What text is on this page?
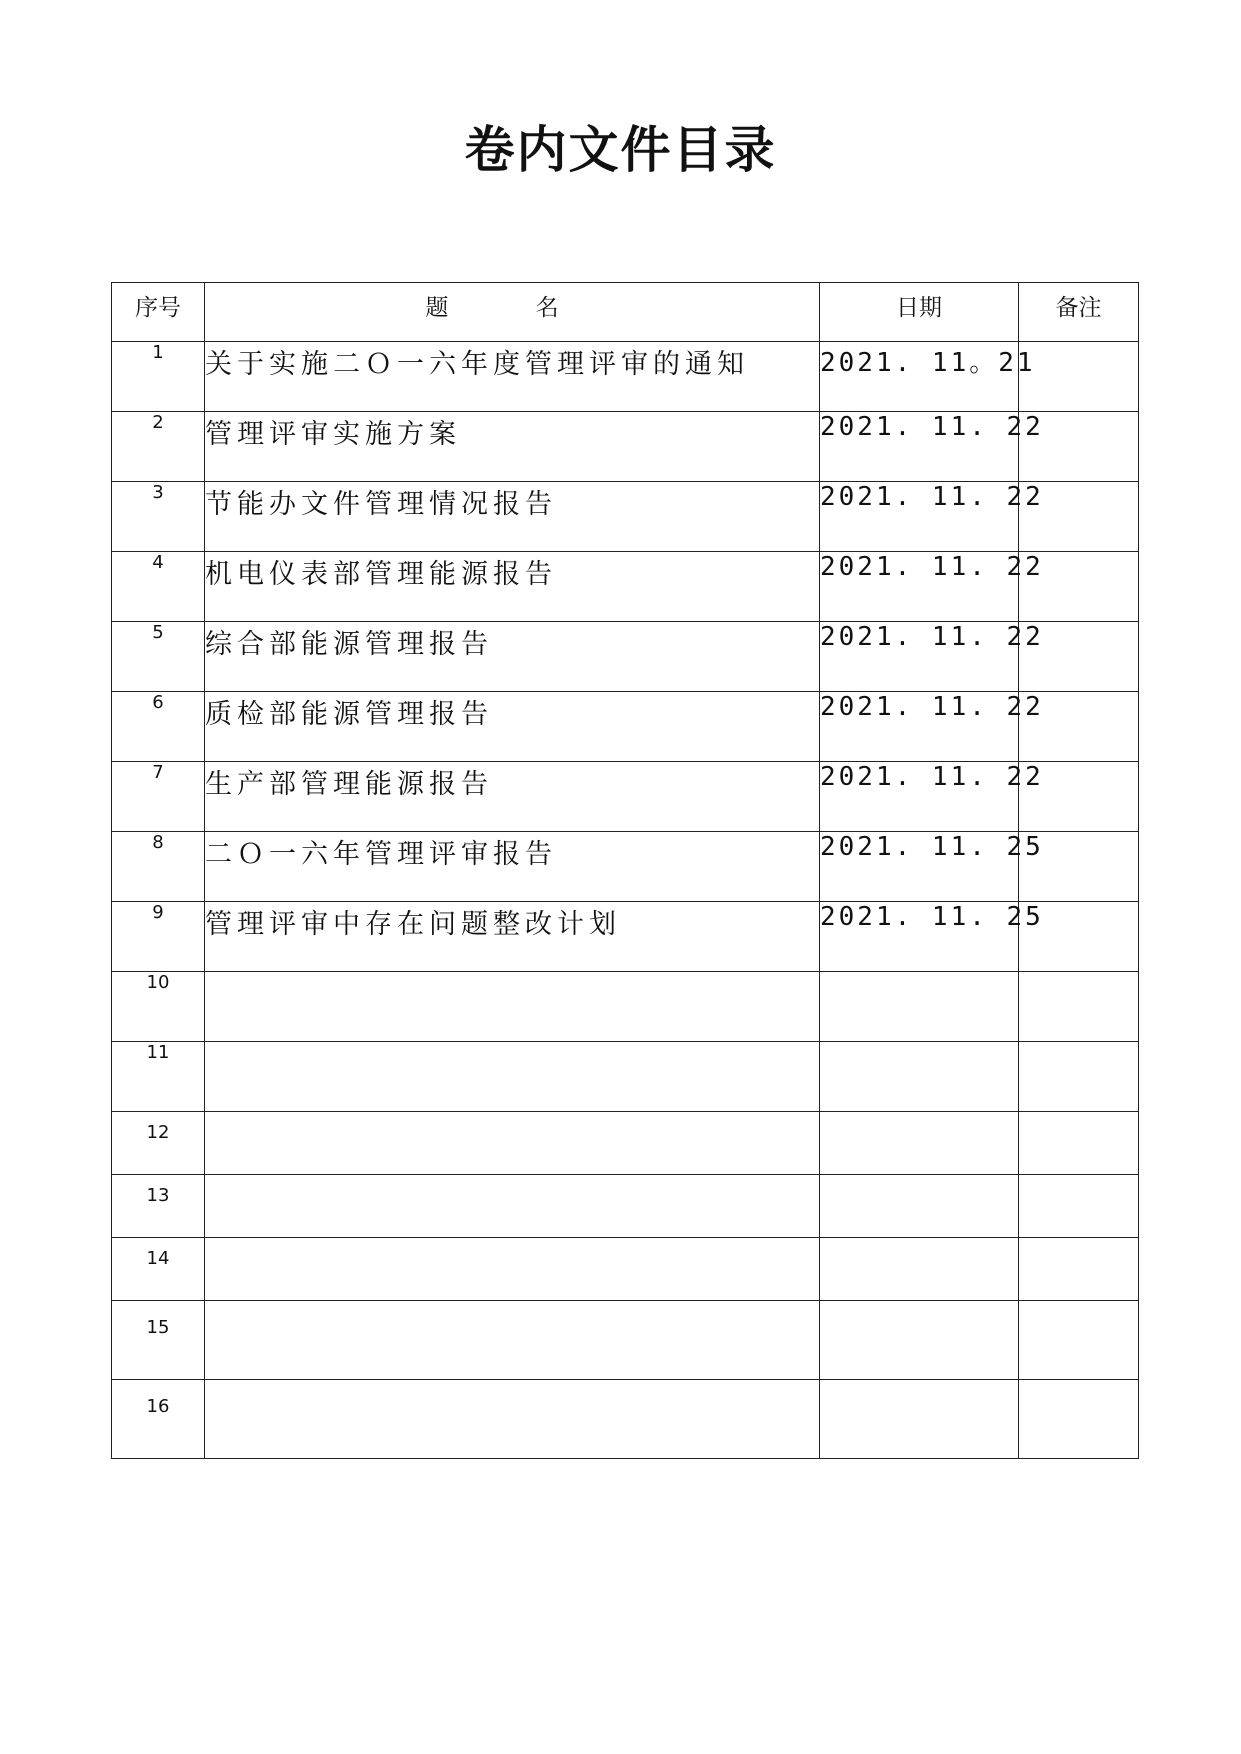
卷内文件目录
序号	题 名	日期	备注
1	关于实施二Ｏ一六年度管理评审的通知	2021. 11。21	
2	管理评审实施方案	2021. 11. 22	
3	节能办文件管理情况报告	2021. 11. 22	
4	机电仪表部管理能源报告	2021. 11. 22	
5	综合部能源管理报告	2021. 11. 22	
6	质检部能源管理报告	2021. 11. 22	
7	生产部管理能源报告	2021. 11. 22	
8	二Ｏ一六年管理评审报告	2021. 11. 25	
9	管理评审中存在问题整改计划	2021. 11. 25	
10			
11			
12			
13			
14			
15			
16			
